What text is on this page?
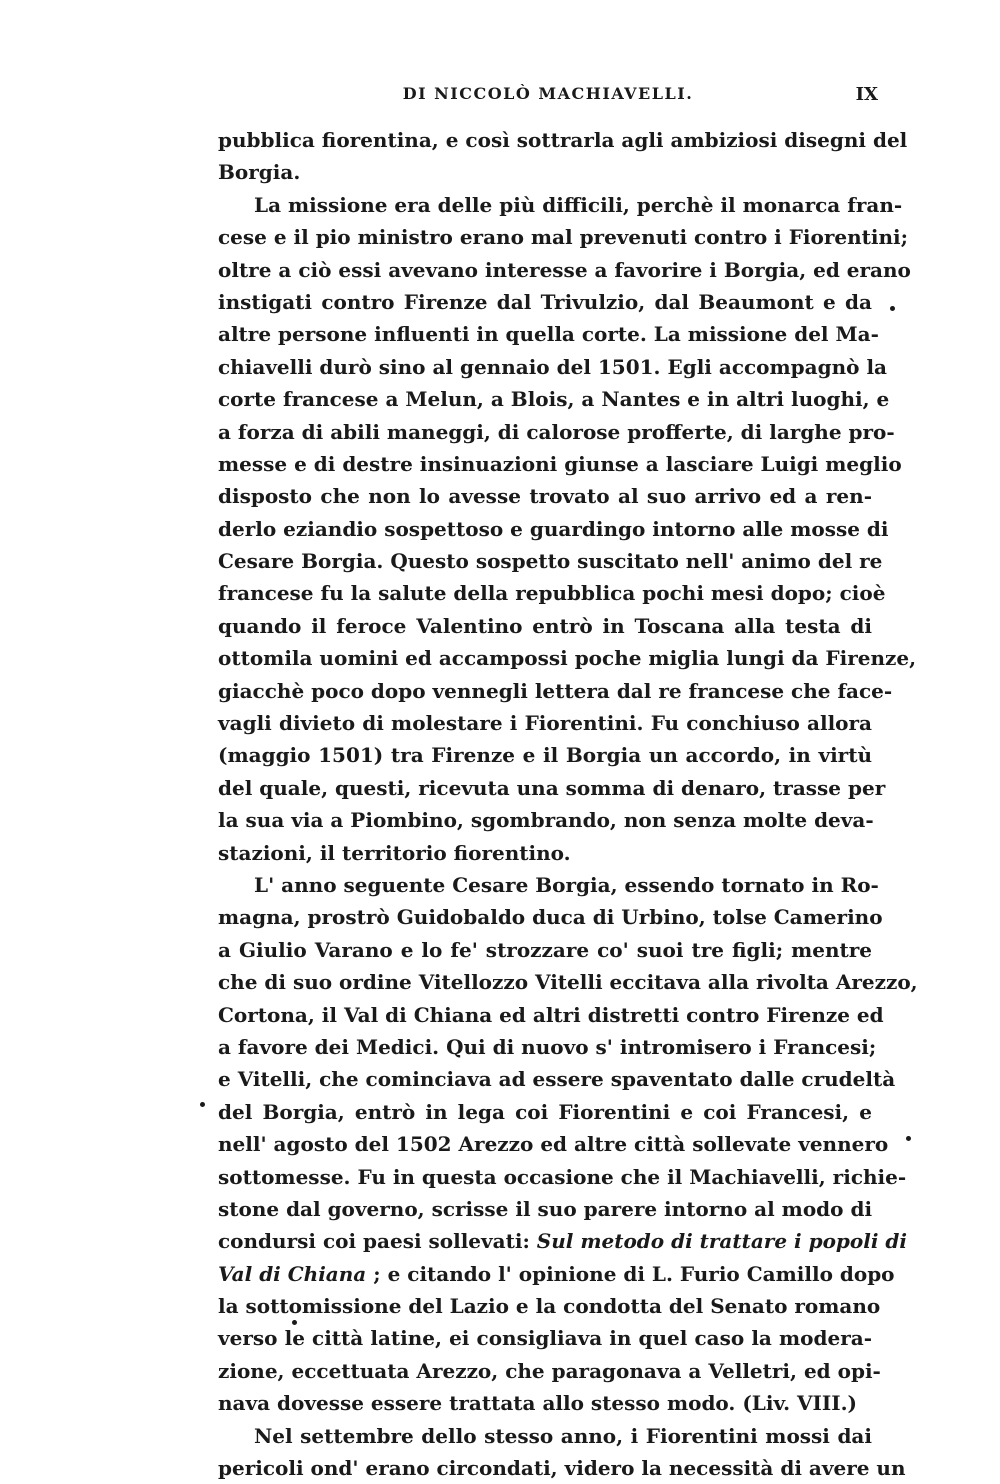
DI NICCOLÒ MACHIAVELLI.	IX
pubblica fiorentina, e così sottrarla agli ambiziosi disegni del
Borgia.
La missione era delle più difficili, perchè il monarca fran-
cese e il pio ministro erano mal prevenuti contro i Fiorentini;
oltre a ciò essi avevano interesse a favorire i Borgia, ed erano
instigati contro Firenze dal Trivulzio, dal Beaumont e da
altre persone influenti in quella corte. La missione del Ma-
chiavelli durò sino al gennaio del 1501. Egli accompagnò la
corte francese a Melun, a Blois, a Nantes e in altri luoghi, e
a forza di abili maneggi, di calorose profferte, di larghe pro-
messe e di destre insinuazioni giunse a lasciare Luigi meglio
disposto che non lo avesse trovato al suo arrivo ed a ren-
derlo eziandio sospettoso e guardingo intorno alle mosse di
Cesare Borgia. Questo sospetto suscitato nell' animo del re
francese fu la salute della repubblica pochi mesi dopo; cioè
quando il feroce Valentino entrò in Toscana alla testa di
ottomila uomini ed accampossi poche miglia lungi da Firenze,
giacchè poco dopo vennegli lettera dal re francese che face-
vagli divieto di molestare i Fiorentini. Fu conchiuso allora
(maggio 1501) tra Firenze e il Borgia un accordo, in virtù
del quale, questi, ricevuta una somma di denaro, trasse per
la sua via a Piombino, sgombrando, non senza molte deva-
stazioni, il territorio fiorentino.
L' anno seguente Cesare Borgia, essendo tornato in Ro-
magna, prostrò Guidobaldo duca di Urbino, tolse Camerino
a Giulio Varano e lo fe' strozzare co' suoi tre figli; mentre
che di suo ordine Vitellozzo Vitelli eccitava alla rivolta Arezzo,
Cortona, il Val di Chiana ed altri distretti contro Firenze ed
a favore dei Medici. Qui di nuovo s' intromisero i Francesi;
e Vitelli, che cominciava ad essere spaventato dalle crudeltà
del Borgia, entrò in lega coi Fiorentini e coi Francesi, e
nell' agosto del 1502 Arezzo ed altre città sollevate vennero
sottomesse. Fu in questa occasione che il Machiavelli, richie-
stone dal governo, scrisse il suo parere intorno al modo di
condursi coi paesi sollevati: Sul metodo di trattare i popoli di
Val di Chiana ; e citando l' opinione di L. Furio Camillo dopo
la sottomissione del Lazio e la condotta del Senato romano
verso le città latine, ei consigliava in quel caso la modera-
zione, eccettuata Arezzo, che paragonava a Velletri, ed opi-
nava dovesse essere trattata allo stesso modo. (Liv. VIII.)
Nel settembre dello stesso anno, i Fiorentini mossi dai
pericoli ond' erano circondati, videro la necessità di avere un
